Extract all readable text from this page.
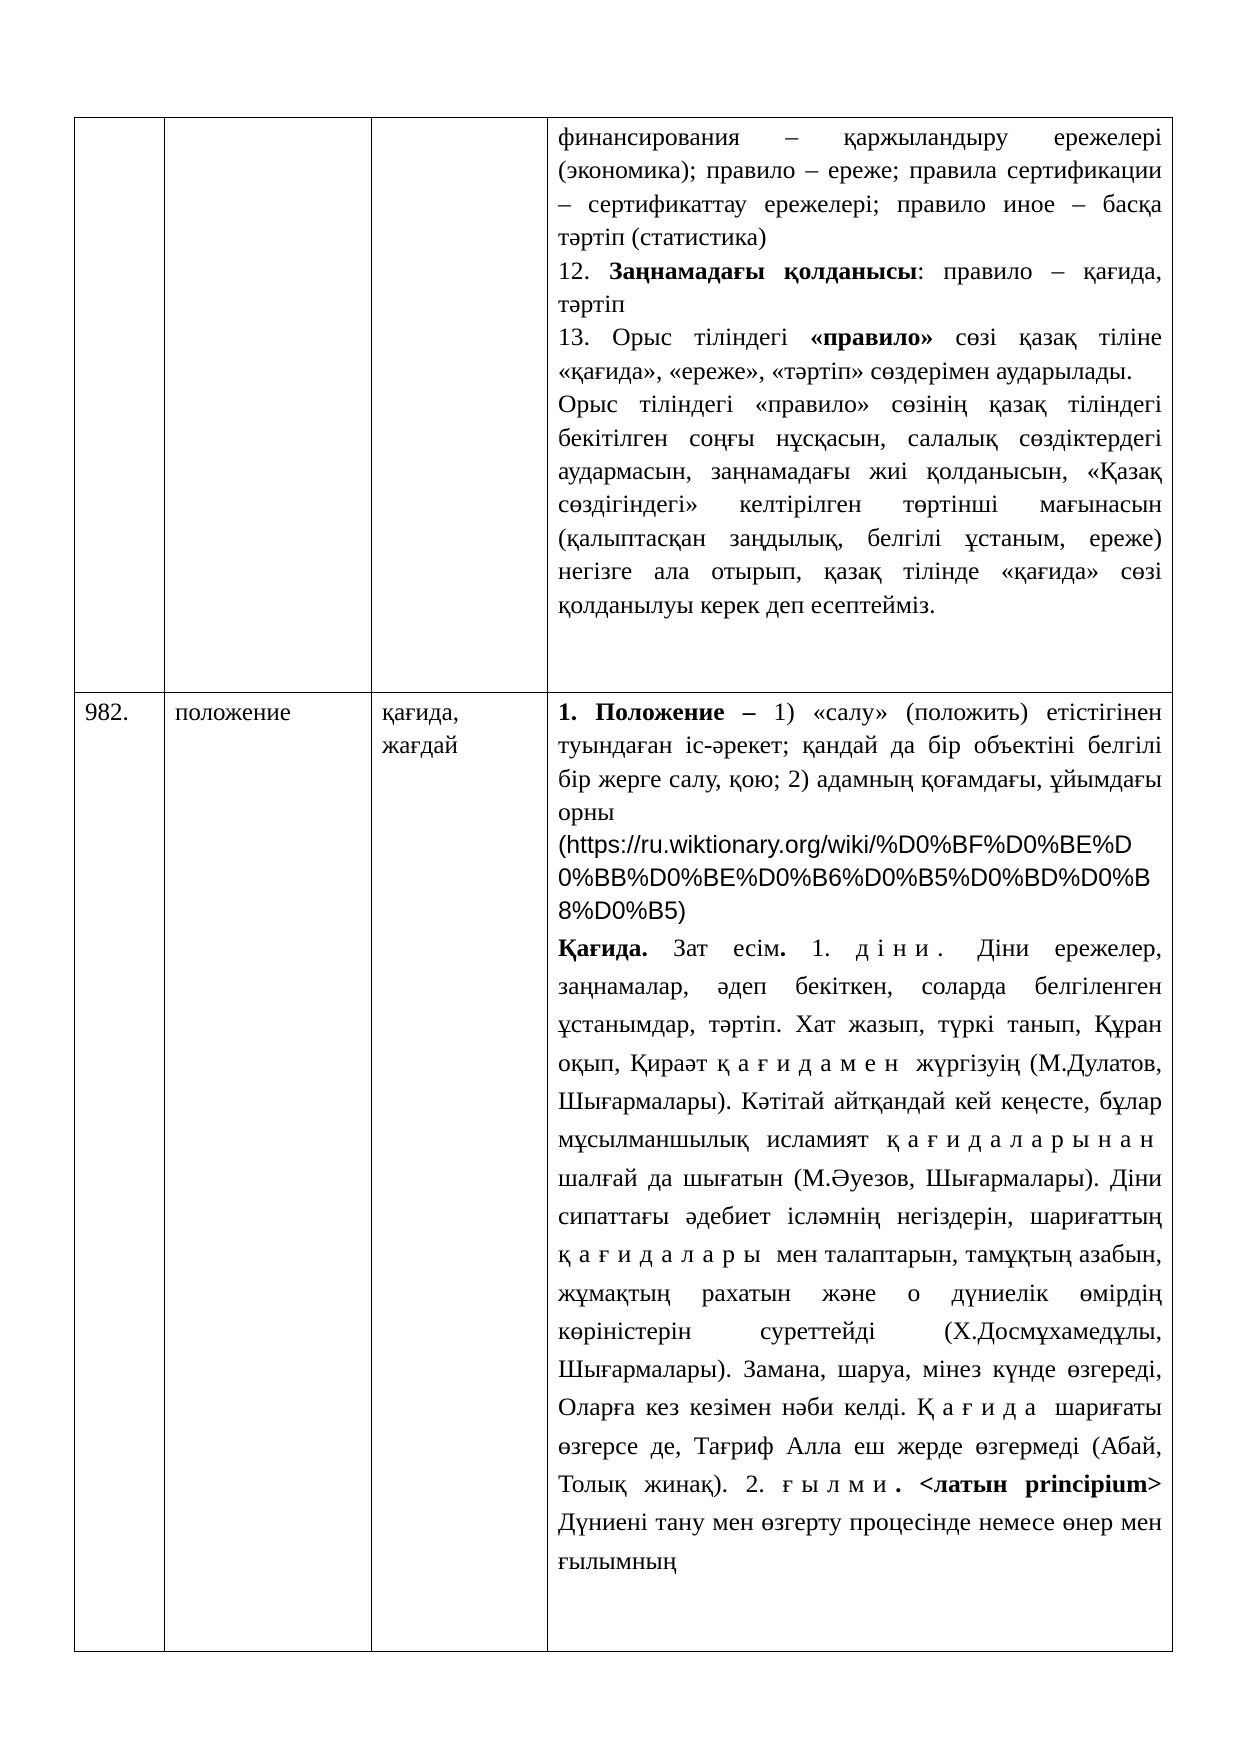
			финансирования – қаржыландыру ережелері (экономика); правило – ереже; правила сертификации – сертификаттау ережелері; правило иное – басқа тәртіп (статистика)

12. Заңнамадағы қолданысы: правило – қағида, тәртіп

13. Орыс тіліндегі «правило» сөзі қазақ тіліне «қағида», «ереже», «тәртіп» сөздерімен аударылады.

Орыс тіліндегі «правило» сөзінің қазақ тіліндегі бекітілген соңғы нұсқасын, салалық сөздіктердегі аудармасын, заңнамадағы жиі қолданысын, «Қазақ сөздігіндегі» келтірілген төртінші мағынасын (қалыптасқан заңдылық, белгілі ұстаным, ереже) негізге ала отырып, қазақ тілінде «қағида» сөзі қолданылуы керек деп есептейміз.

982.	положение	қағида, жағдай	1. Положение – 1) «салу» (положить) етістігінен туындаған іс-әрекет; қандай да бір объектіні белгілі бір жерге салу, қою; 2) адамның қоғамдағы, ұйымдағы орны

(https://ru.wiktionary.org/wiki/%D0%BF%D0%BE%D0%BB%D0%BE%D0%B6%D0%B5%D0%BD%D0%B8%D0%B5)

Қағида. Зат есім. 1. діни. Діни ережелер, заңнамалар, әдеп бекіткен, соларда белгіленген ұстанымдар, тәртіп. Хат жазып, түркі танып, Құран оқып, Қираәт қағидамен жүргізуің (М.Дулатов, Шығармалары). Кәтітай айтқандай кей кеңесте, бұлар мұсылманшылық исламият қағидаларынан шалғай да шығатын (М.Әуезов, Шығармалары). Діни сипаттағы әдебиет ісләмнің негіздерін, шариғаттың қағидалары мен талаптарын, тамұқтың азабын, жұмақтың рахатын және о дүниелік өмірдің көріністерін суреттейді (Х.Досмұхамедұлы, Шығармалары). Замана, шаруа, мінез күнде өзгереді, Оларға кез кезімен нәби келді. Қағида шариғаты өзгерсе де, Тағриф Алла еш жерде өзгермеді (Абай, Толық жинақ). 2. ғылми. <латын principium> Дүниені тану мен өзгерту процесінде немесе өнер мен ғылымның
